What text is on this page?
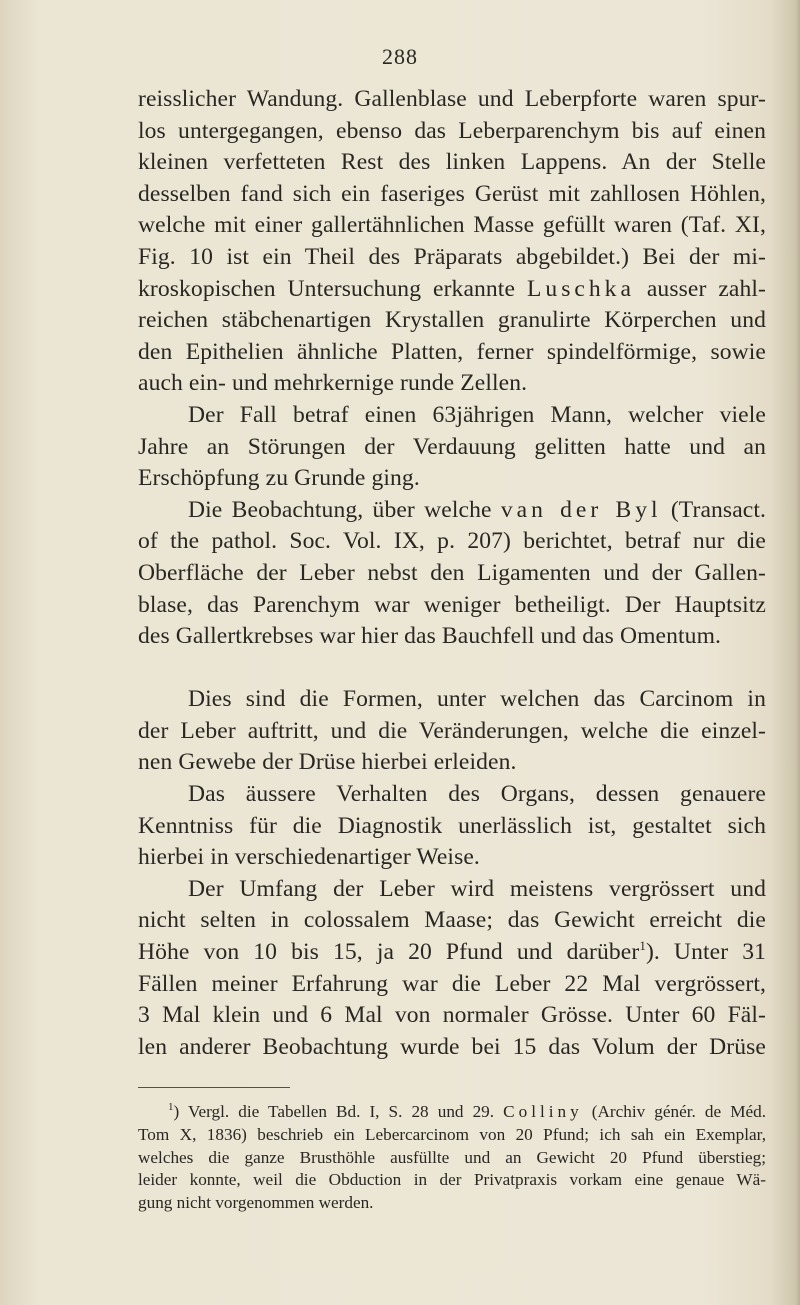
288
reisslicher Wandung. Gallenblase und Leberpforte waren spur-
los untergegangen, ebenso das Leberparenchym bis auf einen
kleinen verfetteten Rest des linken Lappens. An der Stelle
desselben fand sich ein faseriges Gerüst mit zahllosen Höhlen,
welche mit einer gallertähnlichen Masse gefüllt waren (Taf. XI,
Fig. 10 ist ein Theil des Präparats abgebildet.) Bei der mi-
kroskopischen Untersuchung erkannte Luschka ausser zahl-
reichen stäbchenartigen Krystallen granulirte Körperchen und
den Epithelien ähnliche Platten, ferner spindelförmige, sowie
auch ein- und mehrkernige runde Zellen.
Der Fall betraf einen 63jährigen Mann, welcher viele
Jahre an Störungen der Verdauung gelitten hatte und an
Erschöpfung zu Grunde ging.
Die Beobachtung, über welche van der Byl (Transact.
of the pathol. Soc. Vol. IX, p. 207) berichtet, betraf nur die
Oberfläche der Leber nebst den Ligamenten und der Gallen-
blase, das Parenchym war weniger betheiligt. Der Hauptsitz
des Gallertkrebses war hier das Bauchfell und das Omentum.
Dies sind die Formen, unter welchen das Carcinom in
der Leber auftritt, und die Veränderungen, welche die einzel-
nen Gewebe der Drüse hierbei erleiden.
Das äussere Verhalten des Organs, dessen genauere
Kenntniss für die Diagnostik unerlässlich ist, gestaltet sich
hierbei in verschiedenartiger Weise.
Der Umfang der Leber wird meistens vergrössert und
nicht selten in colossalem Maase; das Gewicht erreicht die
Höhe von 10 bis 15, ja 20 Pfund und darüber$^1$). Unter 31
Fällen meiner Erfahrung war die Leber 22 Mal vergrössert,
3 Mal klein und 6 Mal von normaler Grösse. Unter 60 Fäl-
len anderer Beobachtung wurde bei 15 das Volum der Drüse
$^1$) Vergl. die Tabellen Bd. I, S. 28 und 29. Colliny (Archiv génér. de Méd.
Tom X, 1836) beschrieb ein Lebercarcinom von 20 Pfund; ich sah ein Exemplar,
welches die ganze Brusthöhle ausfüllte und an Gewicht 20 Pfund überstieg;
leider konnte, weil die Obduction in der Privatpraxis vorkam eine genaue Wä-
gung nicht vorgenommen werden.
